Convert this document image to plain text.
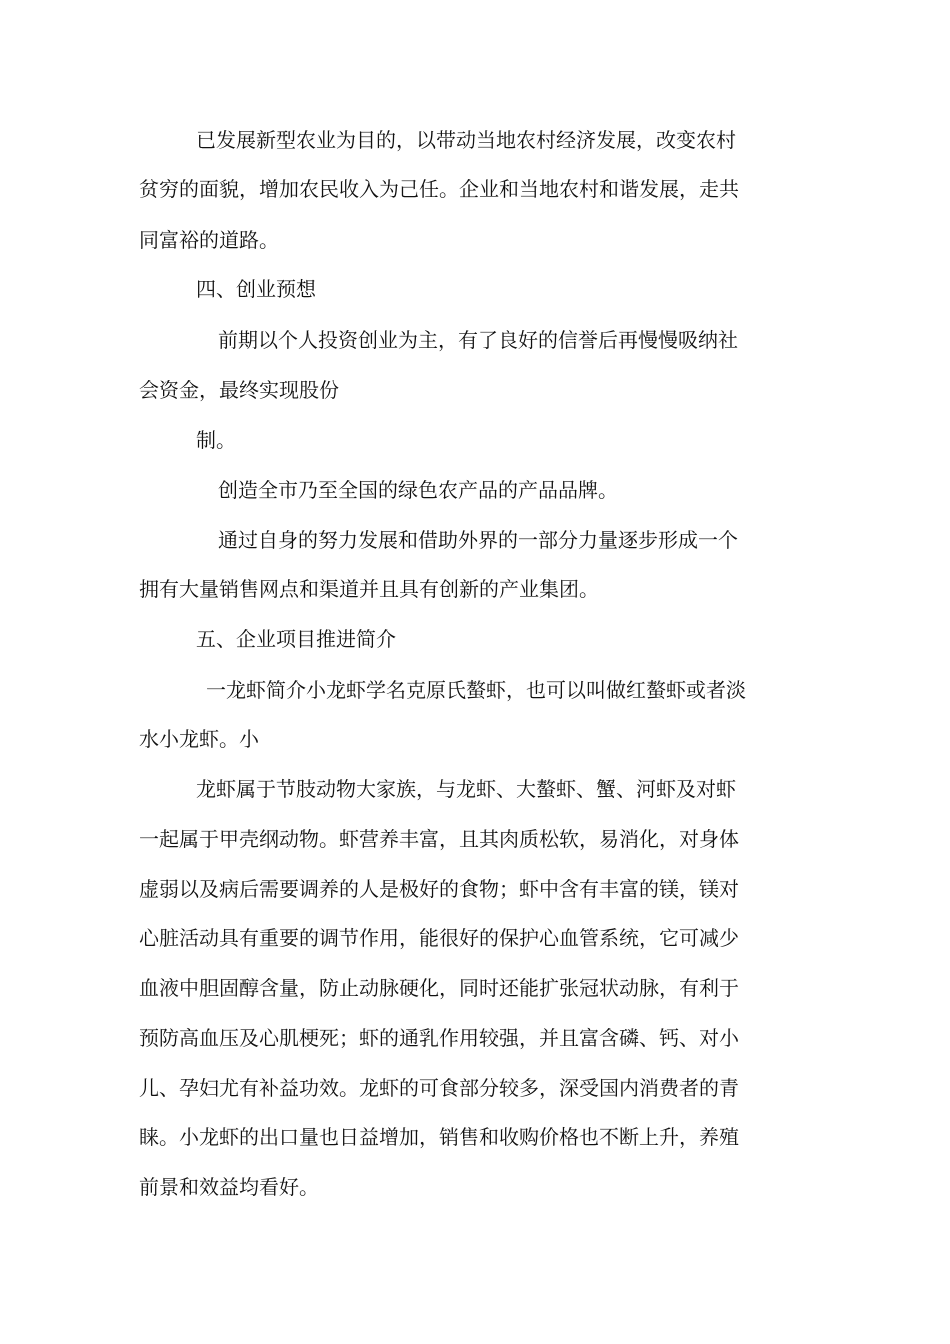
已发展新型农业为目的，以带动当地农村经济发展，改变农村
贫穷的面貌，增加农民收入为己任。企业和当地农村和谐发展，走共
同富裕的道路。
四、创业预想
前期以个人投资创业为主，有了良好的信誉后再慢慢吸纳社
会资金，最终实现股份
制。
创造全市乃至全国的绿色农产品的产品品牌。
通过自身的努力发展和借助外界的一部分力量逐步形成一个
拥有大量销售网点和渠道并且具有创新的产业集团。
五、企业项目推进简介
一龙虾简介小龙虾学名克原氏螯虾，也可以叫做红螯虾或者淡
水小龙虾。小
龙虾属于节肢动物大家族，与龙虾、大螯虾、蟹、河虾及对虾
一起属于甲壳纲动物。虾营养丰富，且其肉质松软，易消化，对身体
虚弱以及病后需要调养的人是极好的食物；虾中含有丰富的镁，镁对
心脏活动具有重要的调节作用，能很好的保护心血管系统，它可减少
血液中胆固醇含量，防止动脉硬化，同时还能扩张冠状动脉，有利于
预防高血压及心肌梗死；虾的通乳作用较强，并且富含磷、钙、对小
儿、孕妇尤有补益功效。龙虾的可食部分较多，深受国内消费者的青
睐。小龙虾的出口量也日益增加，销售和收购价格也不断上升，养殖
前景和效益均看好。
